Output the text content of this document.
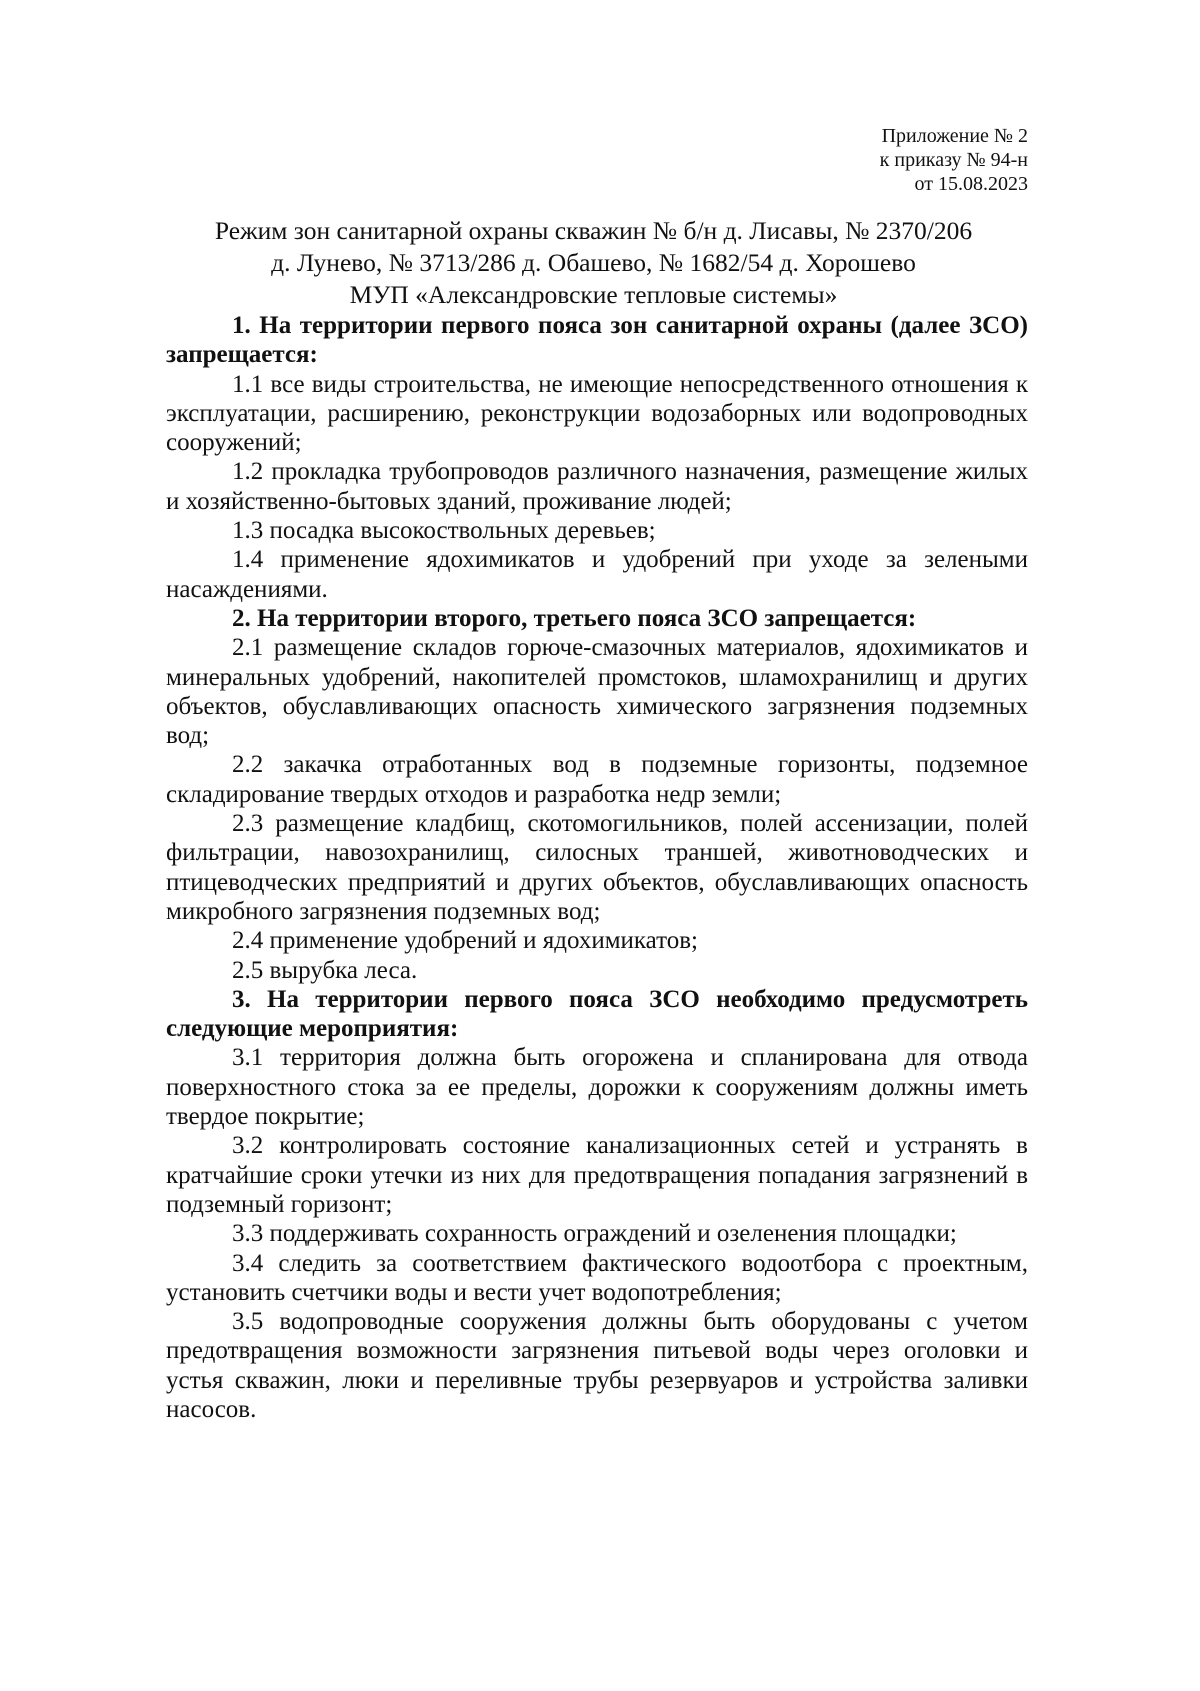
Приложение № 2
к приказу № 94-н
от 15.08.2023
Режим зон санитарной охраны скважин № б/н д. Лисавы, № 2370/206
д. Лунево, № 3713/286 д. Обашево, № 1682/54 д. Хорошево
МУП «Александровские тепловые системы»

1. На территории первого пояса зон санитарной охраны (далее ЗСО) запрещается:

1.1 все виды строительства, не имеющие непосредственного отношения к эксплуатации, расширению, реконструкции водозаборных или водопроводных сооружений;

1.2 прокладка трубопроводов различного назначения, размещение жилых и хозяйственно-бытовых зданий, проживание людей;

1.3 посадка высокоствольных деревьев;

1.4 применение ядохимикатов и удобрений при уходе за зелеными насаждениями.

2. На территории второго, третьего пояса ЗСО запрещается:

2.1 размещение складов горюче-смазочных материалов, ядохимикатов и минеральных удобрений, накопителей промстоков, шламохранилищ и других объектов, обуславливающих опасность химического загрязнения подземных вод;

2.2 закачка отработанных вод в подземные горизонты, подземное складирование твердых отходов и разработка недр земли;

2.3 размещение кладбищ, скотомогильников, полей ассенизации, полей фильтрации, навозохранилищ, силосных траншей, животноводческих и птицеводческих предприятий и других объектов, обуславливающих опасность микробного загрязнения подземных вод;

2.4 применение удобрений и ядохимикатов;

2.5 вырубка леса.

3. На территории первого пояса ЗСО необходимо предусмотреть следующие мероприятия:

3.1 территория должна быть огорожена и спланирована для отвода поверхностного стока за ее пределы, дорожки к сооружениям должны иметь твердое покрытие;

3.2 контролировать состояние канализационных сетей и устранять в кратчайшие сроки утечки из них для предотвращения попадания загрязнений в подземный горизонт;

3.3 поддерживать сохранность ограждений и озеленения площадки;

3.4 следить за соответствием фактического водоотбора с проектным, установить счетчики воды и вести учет водопотребления;

3.5 водопроводные сооружения должны быть оборудованы с учетом предотвращения возможности загрязнения питьевой воды через оголовки и устья скважин, люки и переливные трубы резервуаров и устройства заливки насосов.
